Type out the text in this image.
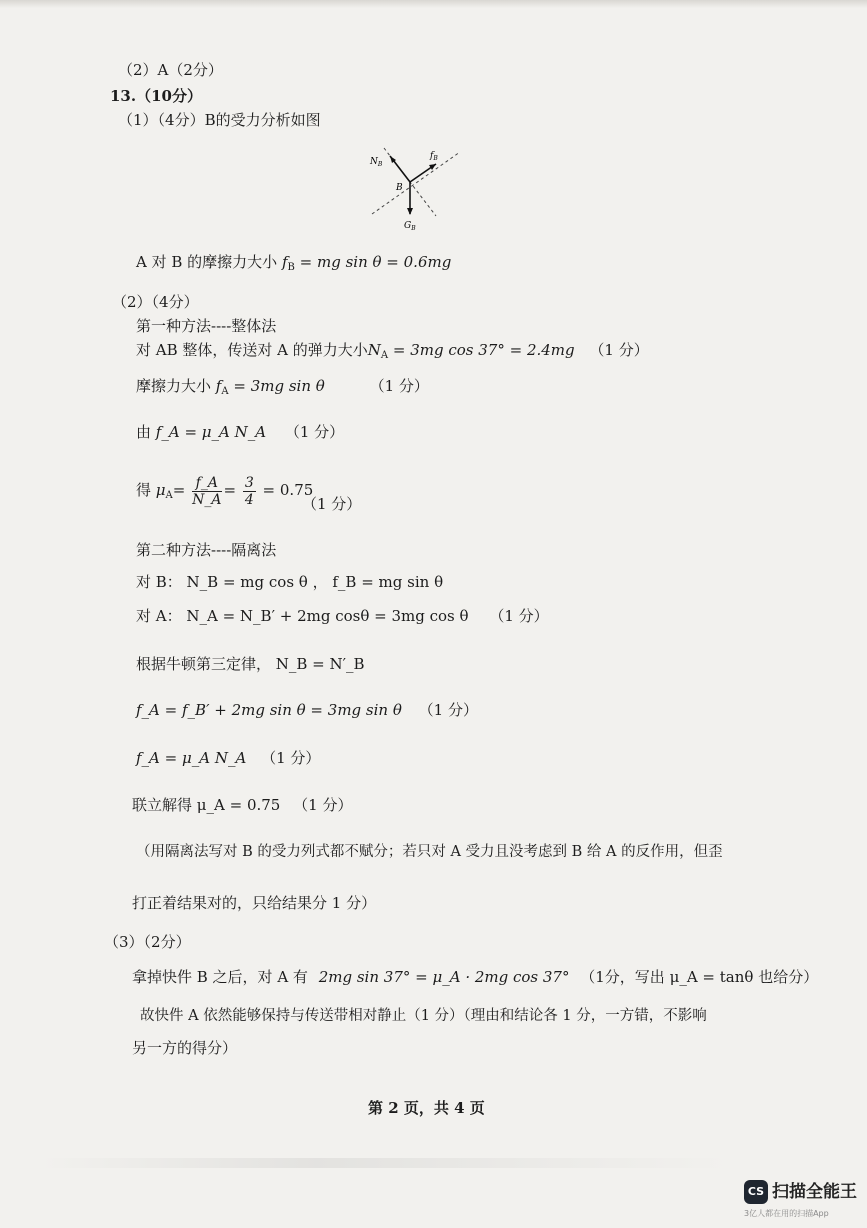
（2）A（2分）
13.（10分）
（1）（4分）B的受力分析如图
$N_B$
$f_B$
B
$G_B$
A 对 B 的摩擦力大小 $f_B$ = mg sin θ = 0.6mg
（2）（4分）
第一种方法----整体法
对 AB 整体，传送对 A 的弹力大小$N_A = 3mg$ cos 37° = 2.4mg （1 分）
摩擦力大小 $f_A = 3mg$ sin θ	（1 分）
由 f_A = μ_A N_A （1 分）
得 $\mu_A= \frac{f\_A}{N\_A} = \frac{3}{4} = 0.75$
（1 分）
第二种方法----隔离法
对 B： N_B = mg cos θ ， f_B = mg sin θ
对 A： N_A = N_B′ + 2mg cosθ = 3mg cos θ （1 分）
根据牛顿第三定律， N_B = N′_B
f_A = f_B′ + 2mg sin θ = 3mg sin θ （1 分）
f_A = μ_A N_A （1 分）
联立解得 μ_A = 0.75 （1 分）
（用隔离法写对 B 的受力列式都不赋分；若只对 A 受力且没考虑到 B 给 A 的反作用，但歪
打正着结果对的，只给结果分 1 分）
（3）（2分）
拿掉快件 B 之后，对 A 有 2mg sin 37° = μ_A · 2mg cos 37° （1分，写出 μ_A = tanθ 也给分）
故快件 A 依然能够保持与传送带相对静止（1 分）（理由和结论各 1 分，一方错，不影响
另一方的得分）
第 2 页，共 4 页
CS 扫描全能王
3亿人都在用的扫描App
